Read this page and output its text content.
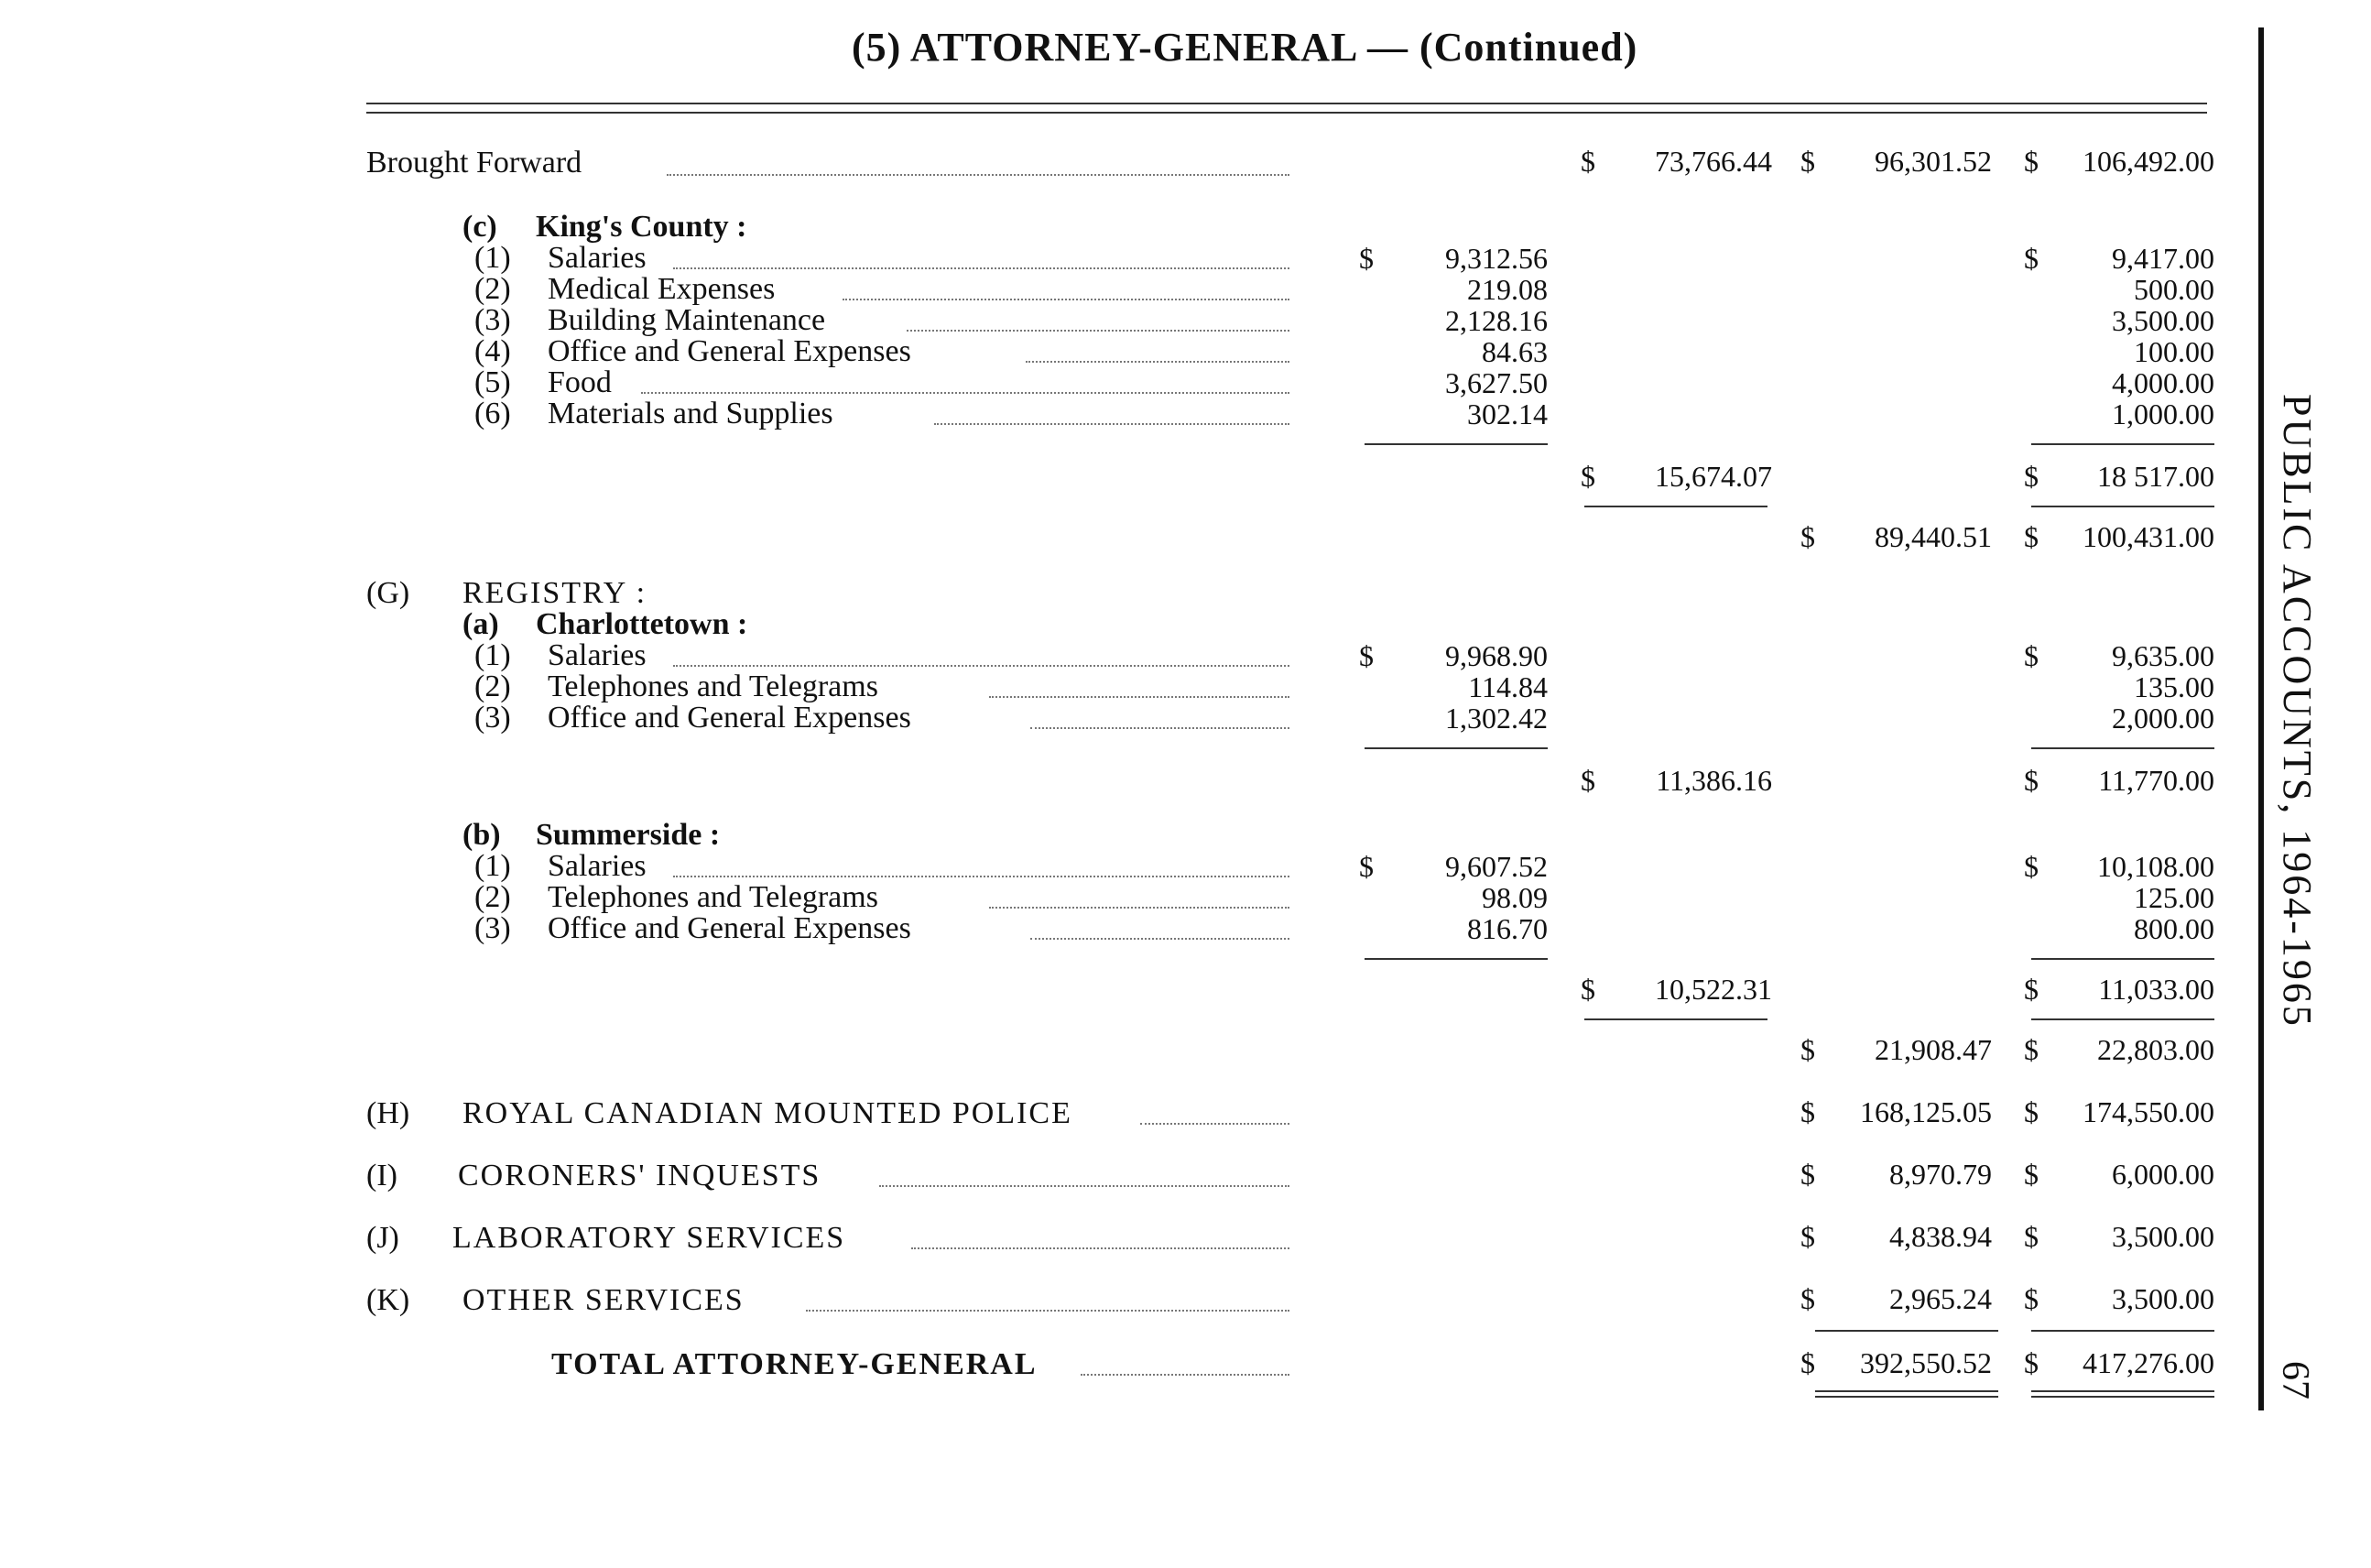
(5) ATTORNEY-GENERAL — (Continued)
PUBLIC ACCOUNTS, 1964-1965
67
Brought Forward	$	73,766.44 $	96,301.52 $	106,492.00
(c) King's County :
(1) Salaries	$	9,312.56	$	9,417.00
(2) Medical Expenses	219.08	500.00
(3) Building Maintenance	2,128.16	3,500.00
(4) Office and General Expenses	84.63	100.00
(5) Food	3,627.50	4,000.00
(6) Materials and Supplies	302.14	1,000.00
$	15,674.07	$	18 517.00
$	89,440.51 $	100,431.00
(G) REGISTRY :
(a) Charlottetown :
(1) Salaries	$	9,968.90	$	9,635.00
(2) Telephones and Telegrams	114.84	135.00
(3) Office and General Expenses	1,302.42	2,000.00
$	11,386.16	$	11,770.00
(b) Summerside :
(1) Salaries	$	9,607.52	$	10,108.00
(2) Telephones and Telegrams	98.09	125.00
(3) Office and General Expenses	816.70	800.00
$	10,522.31	$	11,033.00
$	21,908.47 $	22,803.00
(H) ROYAL CANADIAN MOUNTED POLICE	$	168,125.05 $	174,550.00
(I) CORONERS' INQUESTS	$	8,970.79 $	6,000.00
(J) LABORATORY SERVICES	$	4,838.94 $	3,500.00
(K) OTHER SERVICES	$	2,965.24 $	3,500.00
TOTAL ATTORNEY-GENERAL	$	392,550.52 $	417,276.00
